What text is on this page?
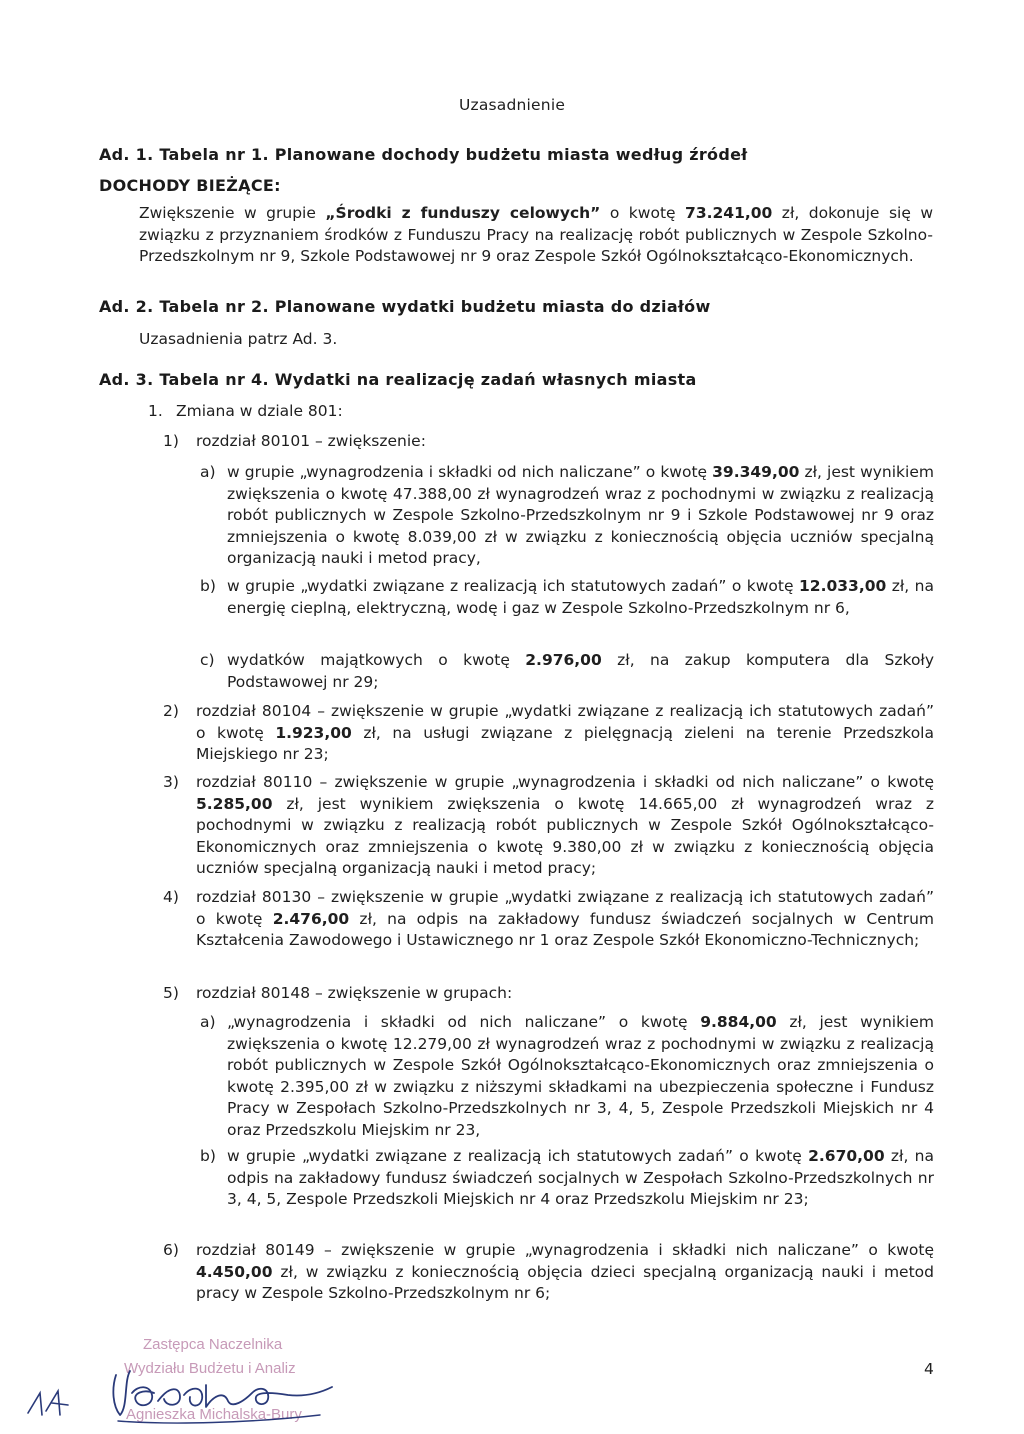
Uzasadnienie
Ad. 1. Tabela nr 1. Planowane dochody budżetu miasta według źródeł
DOCHODY BIEŻĄCE:
Zwiększenie w grupie „Środki z funduszy celowych” o kwotę 73.241,00 zł, dokonuje się w związku z przyznaniem środków z Funduszu Pracy na realizację robót publicznych w Zespole Szkolno-Przedszkolnym nr 9, Szkole Podstawowej nr 9 oraz Zespole Szkół Ogólnokształcąco-Ekonomicznych.
Ad. 2. Tabela nr 2. Planowane wydatki budżetu miasta do działów
Uzasadnienia patrz Ad. 3.
Ad. 3. Tabela nr 4. Wydatki na realizację zadań własnych miasta
1. Zmiana w dziale 801:
1) rozdział 80101 – zwiększenie:
a) w grupie „wynagrodzenia i składki od nich naliczane” o kwotę 39.349,00 zł, jest wynikiem zwiększenia o kwotę 47.388,00 zł wynagrodzeń wraz z pochodnymi w związku z realizacją robót publicznych w Zespole Szkolno-Przedszkolnym nr 9 i Szkole Podstawowej nr 9 oraz zmniejszenia o kwotę 8.039,00 zł w związku z koniecznością objęcia uczniów specjalną organizacją nauki i metod pracy,
b) w grupie „wydatki związane z realizacją ich statutowych zadań” o kwotę 12.033,00 zł, na energię cieplną, elektryczną, wodę i gaz w Zespole Szkolno-Przedszkolnym nr 6,
c) wydatków majątkowych o kwotę 2.976,00 zł, na zakup komputera dla Szkoły Podstawowej nr 29;
2) rozdział 80104 – zwiększenie w grupie „wydatki związane z realizacją ich statutowych zadań” o kwotę 1.923,00 zł, na usługi związane z pielęgnacją zieleni na terenie Przedszkola Miejskiego nr 23;
3) rozdział 80110 – zwiększenie w grupie „wynagrodzenia i składki od nich naliczane” o kwotę 5.285,00 zł, jest wynikiem zwiększenia o kwotę 14.665,00 zł wynagrodzeń wraz z pochodnymi w związku z realizacją robót publicznych w Zespole Szkół Ogólnokształcąco-Ekonomicznych oraz zmniejszenia o kwotę 9.380,00 zł w związku z koniecznością objęcia uczniów specjalną organizacją nauki i metod pracy;
4) rozdział 80130 – zwiększenie w grupie „wydatki związane z realizacją ich statutowych zadań” o kwotę 2.476,00 zł, na odpis na zakładowy fundusz świadczeń socjalnych w Centrum Kształcenia Zawodowego i Ustawicznego nr 1 oraz Zespole Szkół Ekonomiczno-Technicznych;
5) rozdział 80148 – zwiększenie w grupach:
a) „wynagrodzenia i składki od nich naliczane” o kwotę 9.884,00 zł, jest wynikiem zwiększenia o kwotę 12.279,00 zł wynagrodzeń wraz z pochodnymi w związku z realizacją robót publicznych w Zespole Szkół Ogólnokształcąco-Ekonomicznych oraz zmniejszenia o kwotę 2.395,00 zł w związku z niższymi składkami na ubezpieczenia społeczne i Fundusz Pracy w Zespołach Szkolno-Przedszkolnych nr 3, 4, 5, Zespole Przedszkoli Miejskich nr 4 oraz Przedszkolu Miejskim nr 23,
b) w grupie „wydatki związane z realizacją ich statutowych zadań” o kwotę 2.670,00 zł, na odpis na zakładowy fundusz świadczeń socjalnych w Zespołach Szkolno-Przedszkolnych nr 3, 4, 5, Zespole Przedszkoli Miejskich nr 4 oraz Przedszkolu Miejskim nr 23;
6) rozdział 80149 – zwiększenie w grupie „wynagrodzenia i składki nich naliczane” o kwotę 4.450,00 zł, w związku z koniecznością objęcia dzieci specjalną organizacją nauki i metod pracy w Zespole Szkolno-Przedszkolnym nr 6;
Zastępca Naczelnika
Wydziału Budżetu i Analiz
Agnieszka Michalska-Bury
4
